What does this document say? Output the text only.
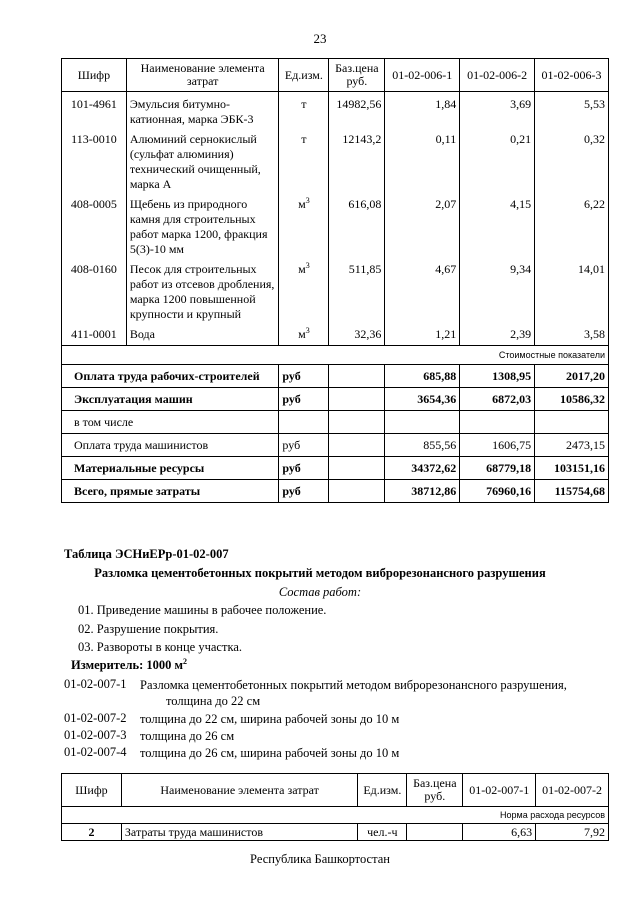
23
Шифр	Наименование элемента затрат	Ед.изм.	Баз.цена руб.	01-02-006-1	01-02-006-2	01-02-006-3
101-4961	Эмульсия битумно-катионная, марка ЭБК-3	т	14982,56	1,84	3,69	5,53
113-0010	Алюминий сернокислый (сульфат алюминия) технический очищенный, марка А	т	12143,2	0,11	0,21	0,32
408-0005	Щебень из природного камня для строительных работ марка 1200, фракция 5(3)-10 мм	$м^3$	616,08	2,07	4,15	6,22
408-0160	Песок для строительных работ из отсевов дробления, марка 1200 повышенной крупности и крупный	$м^3$	511,85	4,67	9,34	14,01
411-0001	Вода	$м^3$	32,36	1,21	2,39	3,58
Стоимостные показатели						
Оплата труда рабочих-строителей		руб		685,88	1308,95	2017,20
Эксплуатация машин		руб		3654,36	6872,03	10586,32
в том числе						
Оплата труда машинистов		руб		855,56	1606,75	2473,15
Материальные ресурсы		руб		34372,62	68779,18	103151,16
Всего, прямые затраты		руб		38712,86	76960,16	115754,68
Таблица ЭСНиЕРр-01-02-007
Разломка цементобетонных покрытий методом виброрезонансного разрушения
Состав работ:
01. Приведение машины в рабочее положение.
02. Разрушение покрытия.
03. Развороты в конце участка.
Измеритель: 1000 $м^2$
01-02-007-1 Разломка цементобетонных покрытий методом виброрезонансного разрушения,
толщина до 22 см
01-02-007-2 толщина до 22 см, ширина рабочей зоны до 10 м
01-02-007-3 толщина до 26 см
01-02-007-4 толщина до 26 см, ширина рабочей зоны до 10 м
Шифр	Наименование элемента затрат	Ед.изм.	Баз.цена руб.	01-02-007-1	01-02-007-2
Норма расхода ресурсов					
2	Затраты труда машинистов	чел.-ч		6,63	7,92
Республика Башкортостан
